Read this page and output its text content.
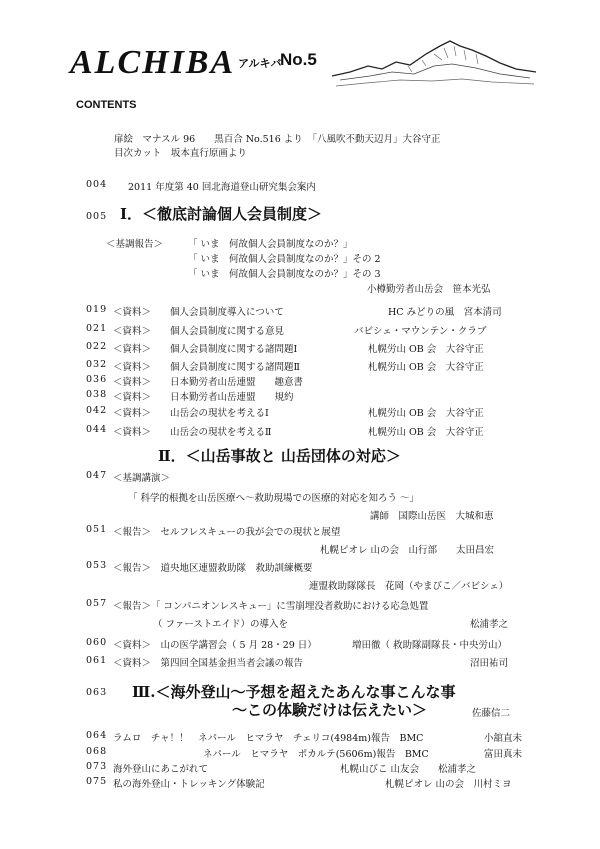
ALCHIBA アルキバ
No.5
CONTENTS
扉絵　マナスル 96　　黒百合 No.516 より　「八風吹不動天辺月」大谷守正
目次カット　坂本直行原画より
004 2011 年度第 40 回北海道登山研究集会案内
005 Ⅰ．＜徹底討論個人会員制度＞
＜基調報告＞	「 いま　何故個人会員制度なのか？」
「 いま　何故個人会員制度なのか？」その 2
「 いま　何故個人会員制度なのか？」その 3
小樽勤労者山岳会　笹本光弘
019 ＜資料＞ 個人会員制度導入について	HC みどりの風　宮本清司
021 ＜資料＞ 個人会員制度に関する意見	バビシェ・マウンテン・クラブ
022 ＜資料＞ 個人会員制度に関する諸問題Ⅰ	札幌労山 OB 会　大谷守正
032 ＜資料＞ 個人会員制度に関する諸問題Ⅱ	札幌労山 OB 会　大谷守正
036 ＜資料＞ 日本勤労者山岳連盟　　趣意書
038 ＜資料＞ 日本勤労者山岳連盟　　規約
042 ＜資料＞ 山岳会の現状を考えるⅠ	札幌労山 OB 会　大谷守正
044 ＜資料＞ 山岳会の現状を考えるⅡ	札幌労山 OB 会　大谷守正
Ⅱ．＜山岳事故と 山岳団体の対応＞
047 ＜基調講演＞
「 科学的根拠を山岳医療へ〜救助現場での医療的対応を知ろう 〜」
講師　国際山岳医　大城和恵
051 ＜報告＞　セルフレスキューの我が会での現状と展望
札幌ピオレ 山の会　山行部　　太田昌宏
053 ＜報告＞　道央地区連盟救助隊　救助訓練概要
連盟救助隊隊長　花岡（やまびこ／バビシェ）
057 ＜報告＞「 コンパニオンレスキュー」に雪崩埋没者救助における応急処置
（ ファーストエイド）の導入を	松浦孝之
060 ＜資料＞　山の医学講習会（ 5 月 28・29 日）	増田徹（ 救助隊副隊長・中央労山）
061 ＜資料＞　第四回全国基金担当者会議の報告	沼田祐司
063 Ⅲ.＜海外登山〜予想を超えたあんな事こんな事
〜この体験だけは伝えたい＞	佐藤信二
064 ラムロ　チャ！！　ネパール　ヒマラヤ　チェリコ(4984m)報告　BMC	小舘直未
068	ネパール　ヒマラヤ　ポカルテ(5606m)報告　BMC	富田真未
073 海外登山にあこがれて	札幌山びこ 山友会　　松浦孝之
075 私の海外登山・トレッキング体験記	札幌ピオレ 山の会　川村ミヨ
